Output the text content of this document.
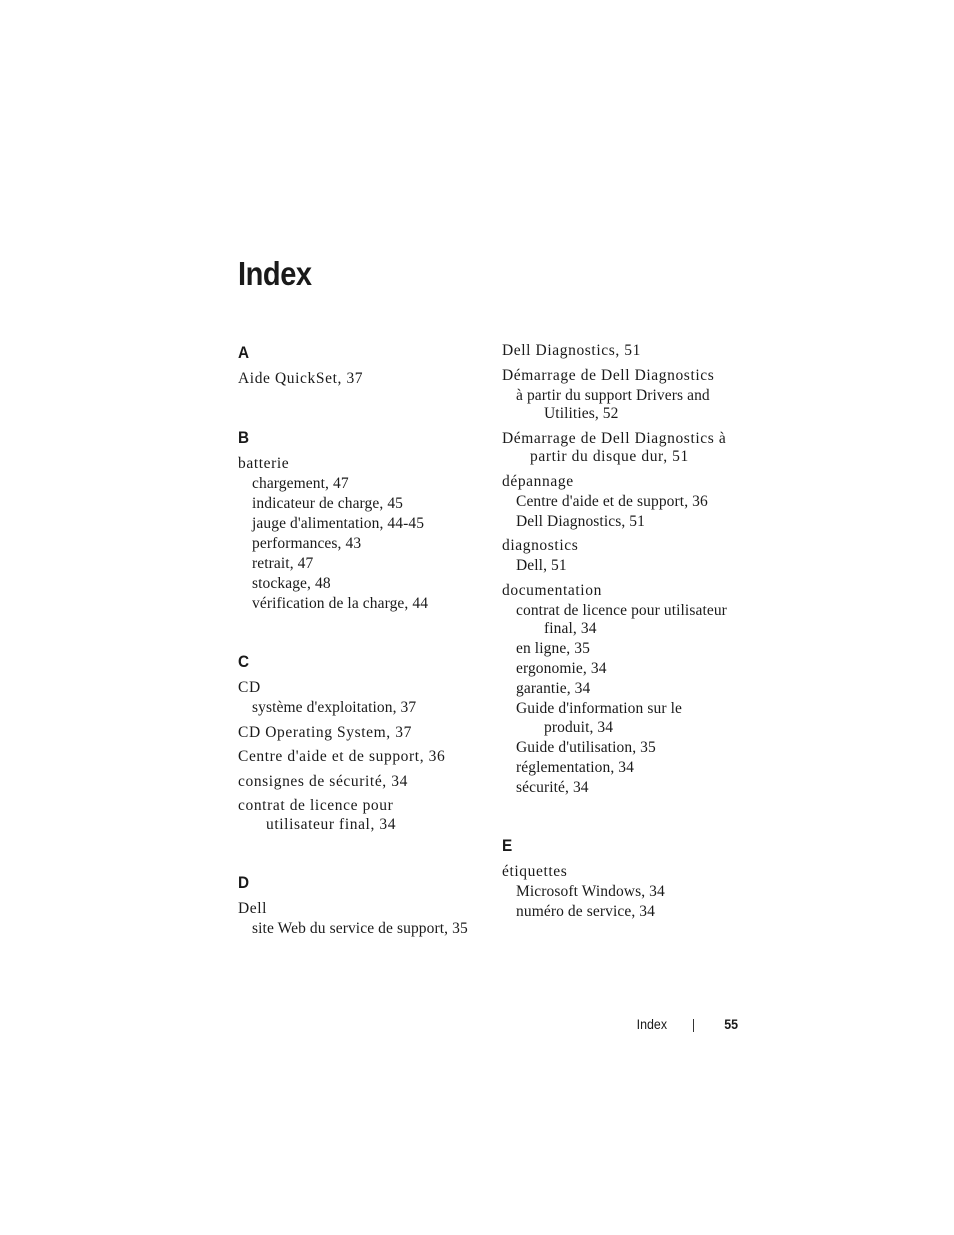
Index
A
Aide QuickSet, 37
B
batterie
chargement, 47
indicateur de charge, 45
jauge d'alimentation, 44-45
performances, 43
retrait, 47
stockage, 48
vérification de la charge, 44
C
CD
système d'exploitation, 37
CD Operating System, 37
Centre d'aide et de support, 36
consignes de sécurité, 34
contrat de licence pour
utilisateur final, 34
D
Dell
site Web du service de support, 35
Dell Diagnostics, 51
Démarrage de Dell Diagnostics
à partir du support Drivers and
Utilities, 52
Démarrage de Dell Diagnostics à
partir du disque dur, 51
dépannage
Centre d'aide et de support, 36
Dell Diagnostics, 51
diagnostics
Dell, 51
documentation
contrat de licence pour utilisateur
final, 34
en ligne, 35
ergonomie, 34
garantie, 34
Guide d'information sur le
produit, 34
Guide d'utilisation, 35
réglementation, 34
sécurité, 34
E
étiquettes
Microsoft Windows, 34
numéro de service, 34
Index	55
